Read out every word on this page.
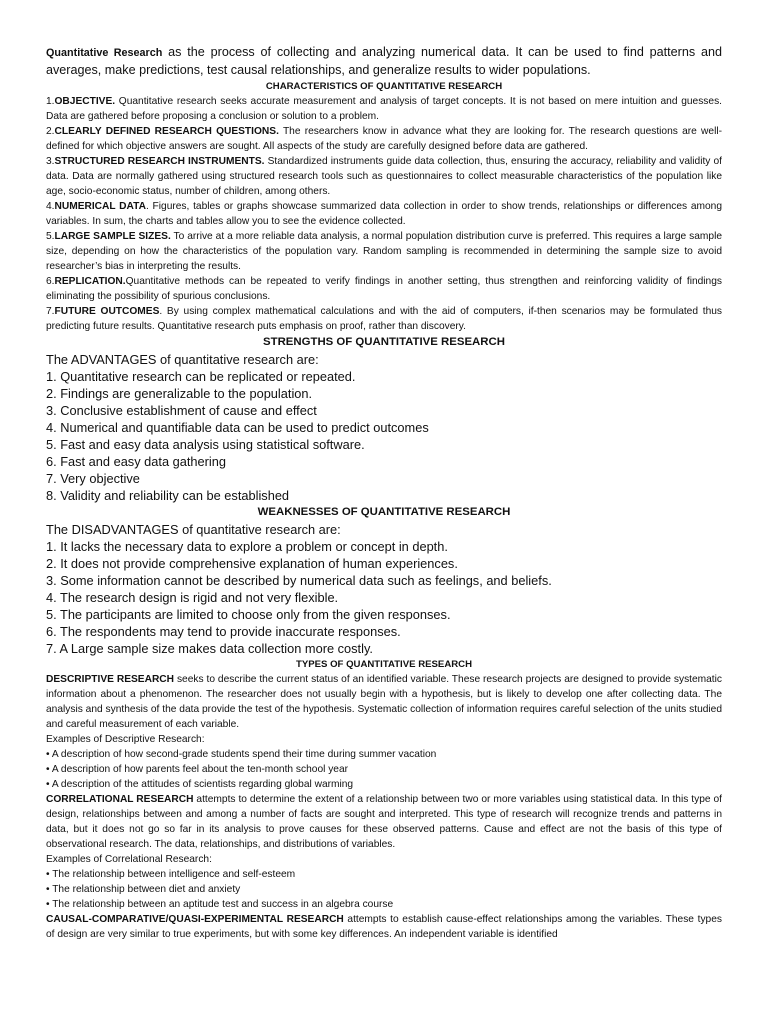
Quantitative Research as the process of collecting and analyzing numerical data. It can be used to find patterns and averages, make predictions, test causal relationships, and generalize results to wider populations.

CHARACTERISTICS OF QUANTITATIVE RESEARCH

1.OBJECTIVE. Quantitative research seeks accurate measurement and analysis of target concepts. It is not based on mere intuition and guesses. Data are gathered before proposing a conclusion or solution to a problem.

2.CLEARLY DEFINED RESEARCH QUESTIONS. The researchers know in advance what they are looking for. The research questions are well-defined for which objective answers are sought. All aspects of the study are carefully designed before data are gathered.

3.STRUCTURED RESEARCH INSTRUMENTS. Standardized instruments guide data collection, thus, ensuring the accuracy, reliability and validity of data. Data are normally gathered using structured research tools such as questionnaires to collect measurable characteristics of the population like age, socio-economic status, number of children, among others.

4.NUMERICAL DATA. Figures, tables or graphs showcase summarized data collection in order to show trends, relationships or differences among variables. In sum, the charts and tables allow you to see the evidence collected.

5.LARGE SAMPLE SIZES. To arrive at a more reliable data analysis, a normal population distribution curve is preferred. This requires a large sample size, depending on how the characteristics of the population vary. Random sampling is recommended in determining the sample size to avoid researcher’s bias in interpreting the results.

6.REPLICATION.Quantitative methods can be repeated to verify findings in another setting, thus strengthen and reinforcing validity of findings eliminating the possibility of spurious conclusions.

7.FUTURE OUTCOMES. By using complex mathematical calculations and with the aid of computers, if-then scenarios may be formulated thus predicting future results. Quantitative research puts emphasis on proof, rather than discovery.

STRENGTHS OF QUANTITATIVE RESEARCH

The ADVANTAGES of quantitative research are:

1. Quantitative research can be replicated or repeated.
2. Findings are generalizable to the population.
3. Conclusive establishment of cause and effect
4. Numerical and quantifiable data can be used to predict outcomes
5. Fast and easy data analysis using statistical software.
6. Fast and easy data gathering
7. Very objective
8. Validity and reliability can be established
WEAKNESSES OF QUANTITATIVE RESEARCH

The DISADVANTAGES of quantitative research are:

1. It lacks the necessary data to explore a problem or concept in depth.
2. It does not provide comprehensive explanation of human experiences.
3. Some information cannot be described by numerical data such as feelings, and beliefs.
4. The research design is rigid and not very flexible.
5. The participants are limited to choose only from the given responses.
6. The respondents may tend to provide inaccurate responses.
7. A Large sample size makes data collection more costly.
TYPES OF QUANTITATIVE RESEARCH

DESCRIPTIVE RESEARCH seeks to describe the current status of an identified variable. These research projects are designed to provide systematic information about a phenomenon. The researcher does not usually begin with a hypothesis, but is likely to develop one after collecting data. The analysis and synthesis of the data provide the test of the hypothesis. Systematic collection of information requires careful selection of the units studied and careful measurement of each variable.

Examples of Descriptive Research:
• A description of how second-grade students spend their time during summer vacation
• A description of how parents feel about the ten-month school year
• A description of the attitudes of scientists regarding global warming

CORRELATIONAL RESEARCH attempts to determine the extent of a relationship between two or more variables using statistical data. In this type of design, relationships between and among a number of facts are sought and interpreted. This type of research will recognize trends and patterns in data, but it does not go so far in its analysis to prove causes for these observed patterns. Cause and effect are not the basis of this type of observational research. The data, relationships, and distributions of variables.

Examples of Correlational Research:
• The relationship between intelligence and self-esteem
• The relationship between diet and anxiety
• The relationship between an aptitude test and success in an algebra course

CAUSAL-COMPARATIVE/QUASI-EXPERIMENTAL RESEARCH attempts to establish cause-effect relationships among the variables. These types of design are very similar to true experiments, but with some key differences. An independent variable is identified
